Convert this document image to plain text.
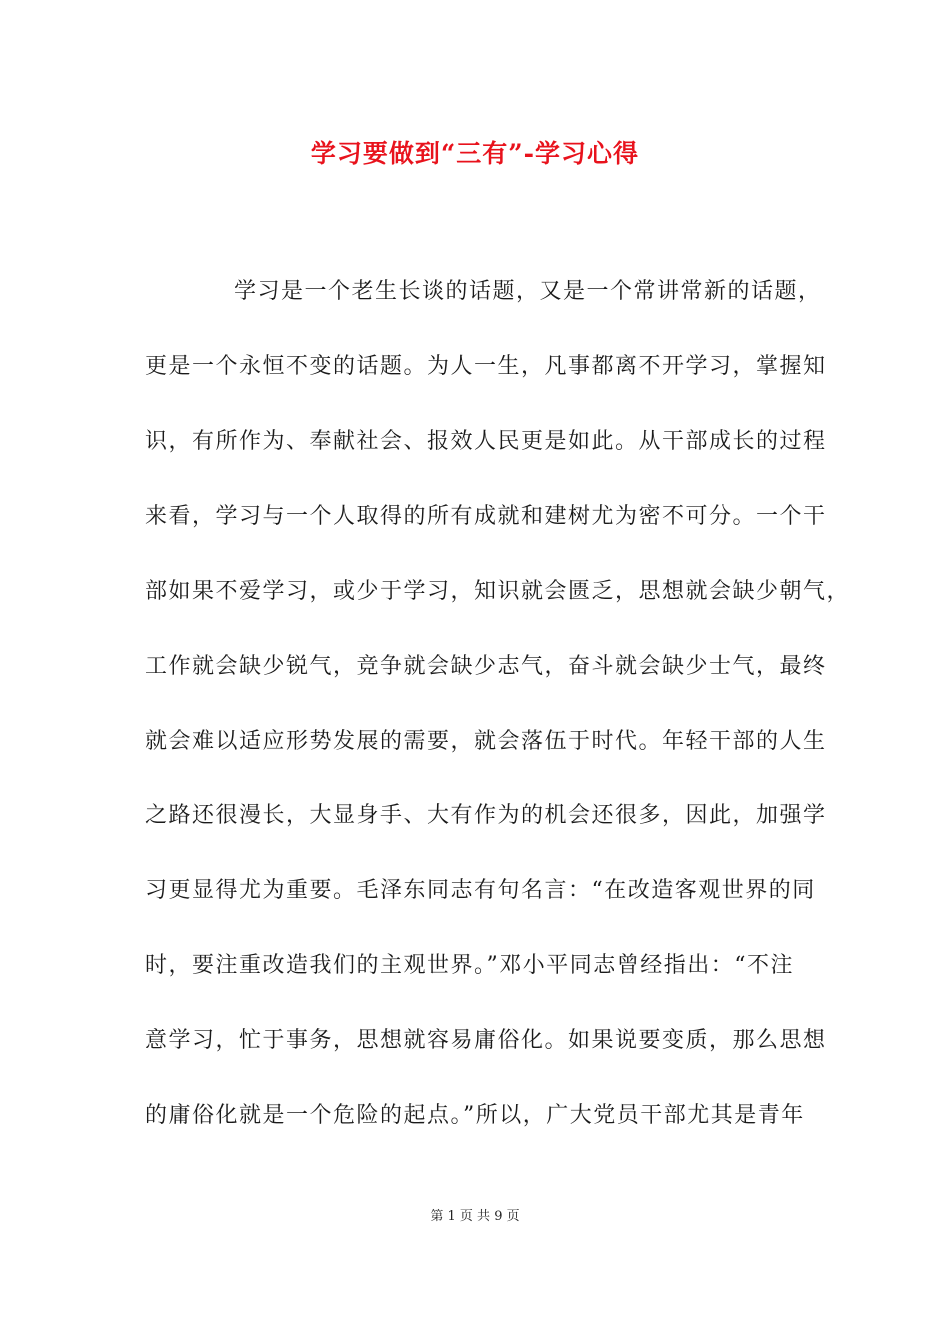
学习要做到“三有”-学习心得
学习是一个老生长谈的话题，又是一个常讲常新的话题，
更是一个永恒不变的话题。为人一生，凡事都离不开学习，掌握知
识，有所作为、奉献社会、报效人民更是如此。从干部成长的过程
来看，学习与一个人取得的所有成就和建树尤为密不可分。一个干
部如果不爱学习，或少于学习，知识就会匮乏，思想就会缺少朝气，
工作就会缺少锐气，竞争就会缺少志气，奋斗就会缺少士气，最终
就会难以适应形势发展的需要，就会落伍于时代。年轻干部的人生
之路还很漫长，大显身手、大有作为的机会还很多，因此，加强学
习更显得尤为重要。毛泽东同志有句名言：“在改造客观世界的同
时，要注重改造我们的主观世界。”邓小平同志曾经指出：“不注
意学习，忙于事务，思想就容易庸俗化。如果说要变质，那么思想
的庸俗化就是一个危险的起点。”所以，广大党员干部尤其是青年
第 1 页 共 9 页
